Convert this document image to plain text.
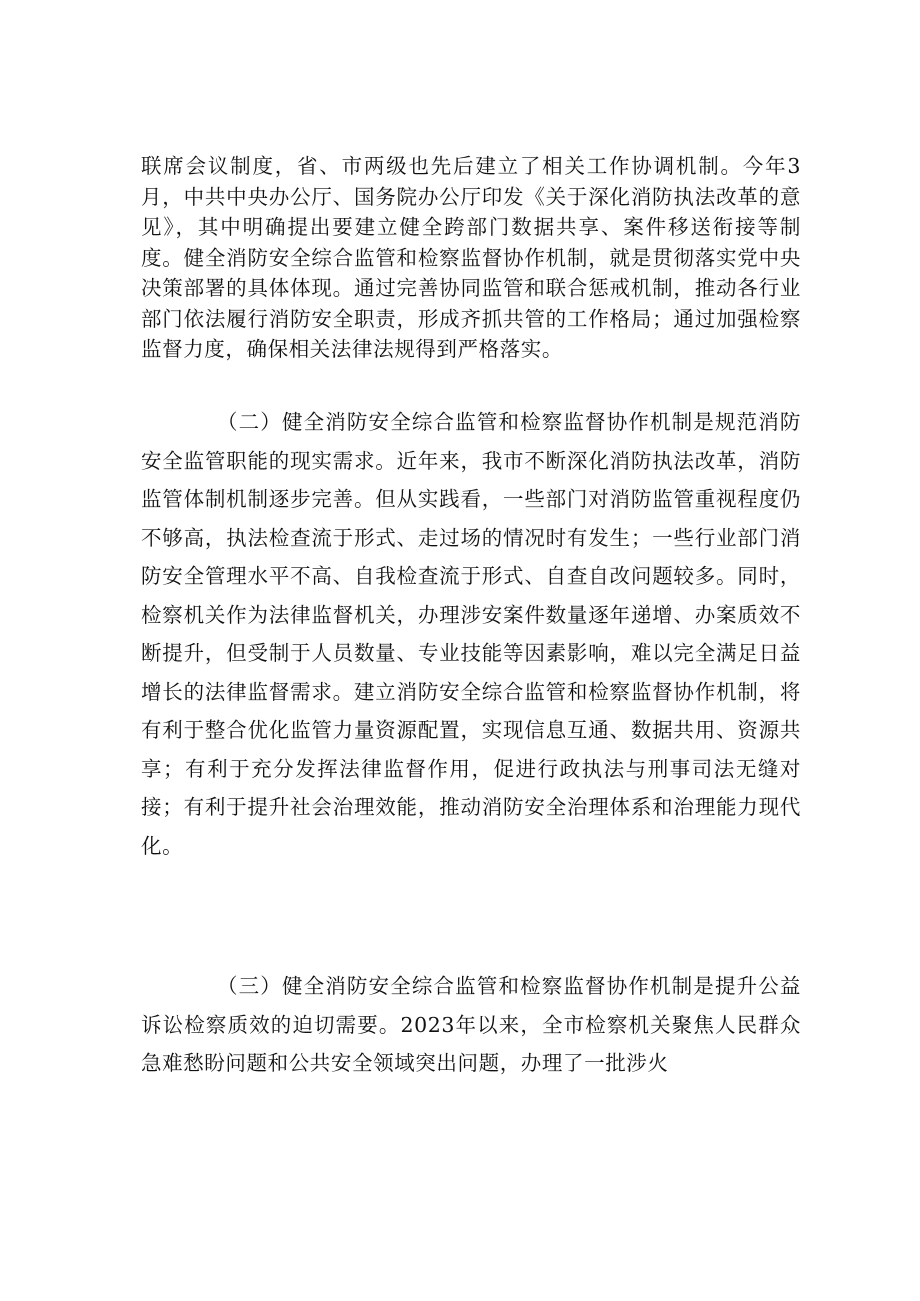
联席会议制度，省、市两级也先后建立了相关工作协调机制。今年3月，中共中央办公厅、国务院办公厅印发《关于深化消防执法改革的意见》，其中明确提出要建立健全跨部门数据共享、案件移送衔接等制度。健全消防安全综合监管和检察监督协作机制，就是贯彻落实党中央决策部署的具体体现。通过完善协同监管和联合惩戒机制，推动各行业部门依法履行消防安全职责，形成齐抓共管的工作格局；通过加强检察监督力度，确保相关法律法规得到严格落实。

（二）健全消防安全综合监管和检察监督协作机制是规范消防安全监管职能的现实需求。近年来，我市不断深化消防执法改革，消防监管体制机制逐步完善。但从实践看，一些部门对消防监管重视程度仍不够高，执法检查流于形式、走过场的情况时有发生；一些行业部门消防安全管理水平不高、自我检查流于形式、自查自改问题较多。同时，检察机关作为法律监督机关，办理涉安案件数量逐年递增、办案质效不断提升，但受制于人员数量、专业技能等因素影响，难以完全满足日益增长的法律监督需求。建立消防安全综合监管和检察监督协作机制，将有利于整合优化监管力量资源配置，实现信息互通、数据共用、资源共享；有利于充分发挥法律监督作用，促进行政执法与刑事司法无缝对接；有利于提升社会治理效能，推动消防安全治理体系和治理能力现代化。

（三）健全消防安全综合监管和检察监督协作机制是提升公益诉讼检察质效的迫切需要。2023年以来，全市检察机关聚焦人民群众急难愁盼问题和公共安全领域突出问题，办理了一批涉火
